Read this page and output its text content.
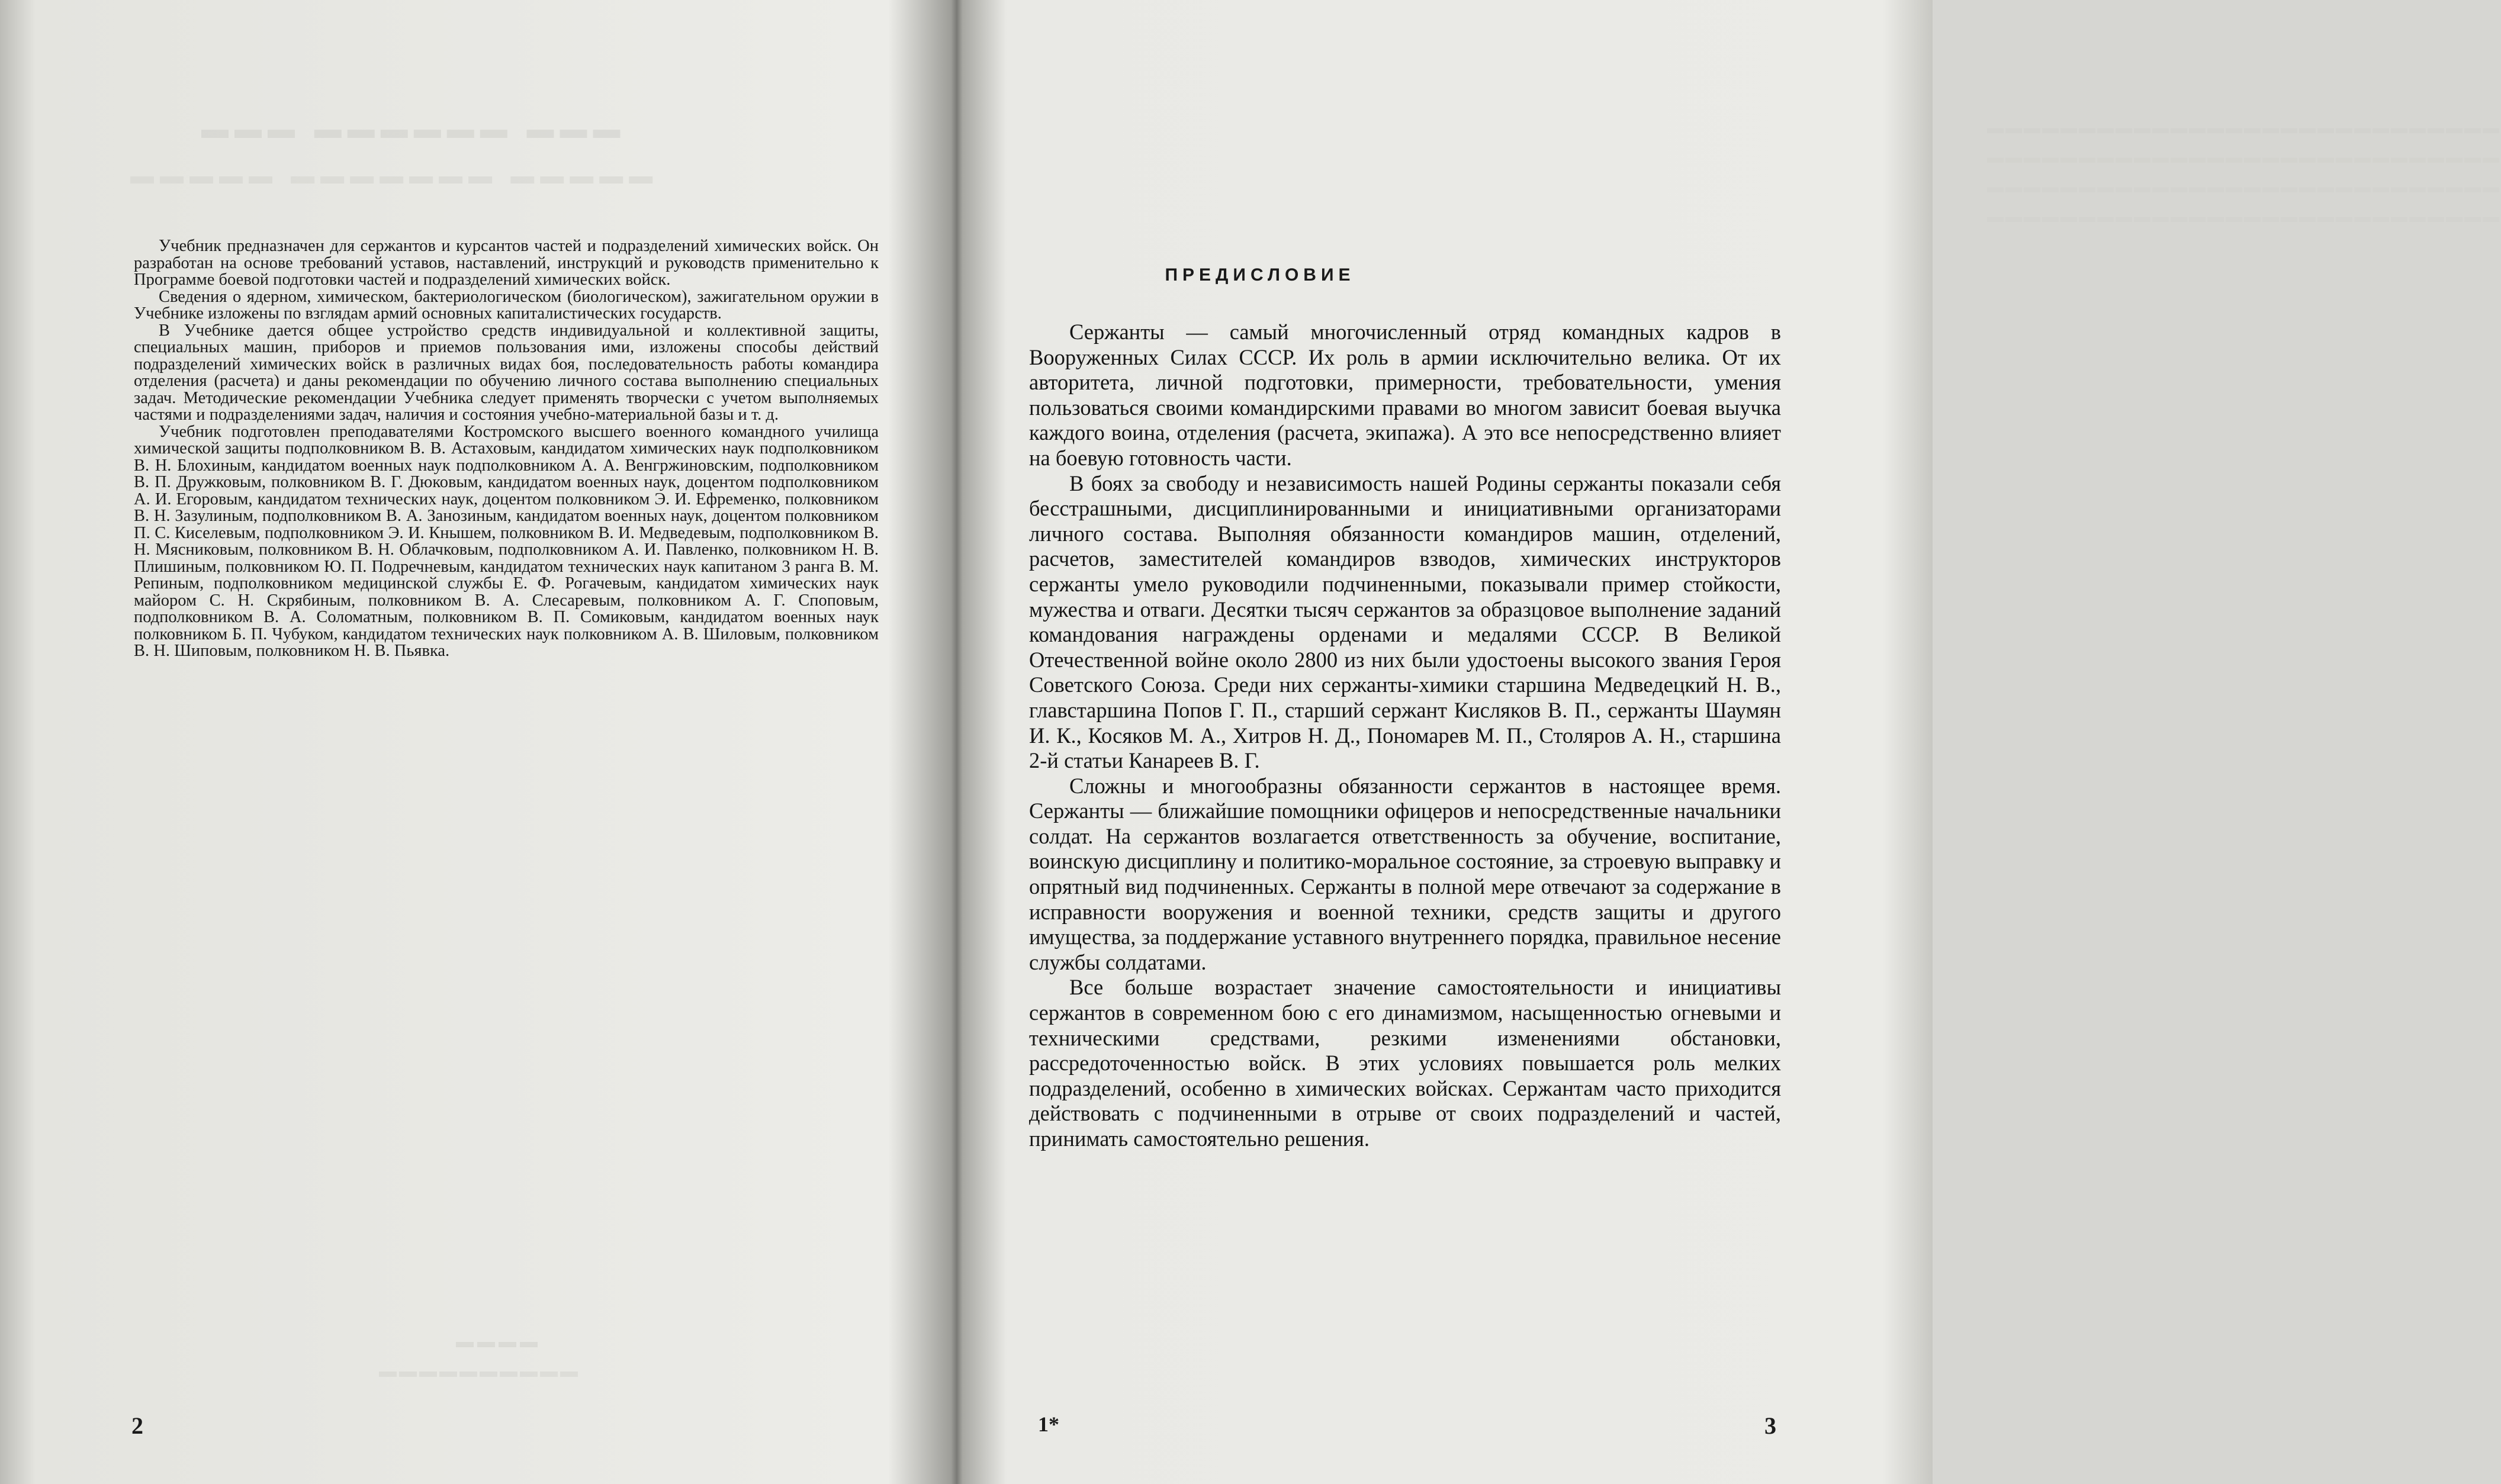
▬▬▬ ▬▬▬▬▬▬ ▬▬▬
▬▬▬▬▬ ▬▬▬▬▬▬▬ ▬▬▬▬▬

Учебник предназначен для сержантов и курсантов частей и подразделений химических войск. Он разработан на основе требований уставов, наставлений, инструкций и руководств применительно к Программе боевой подготовки частей и подразделений химических войск.

Сведения о ядерном, химическом, бактериологическом (биологическом), зажигательном оружии в Учебнике изложены по взглядам армий основных капиталистических государств.

В Учебнике дается общее устройство средств индивидуальной и коллективной защиты, специальных машин, приборов и приемов пользования ими, изложены способы действий подразделений химических войск в различных видах боя, последовательность работы командира отделения (расчета) и даны рекомендации по обучению личного состава выполнению специальных задач. Методические рекомендации Учебника следует применять творчески с учетом выполняемых частями и подразделениями задач, наличия и состояния учебно-материальной базы и т. д.

Учебник подготовлен преподавателями Костромского высшего военного командного училища химической защиты подполковником В. В. Астаховым, кандидатом химических наук подполковником В. Н. Блохиным, кандидатом военных наук подполковником А. А. Венгржиновским, подполковником В. П. Дружковым, полковником В. Г. Дюковым, кандидатом военных наук, доцентом подполковником А. И. Егоровым, кандидатом технических наук, доцентом полковником Э. И. Ефременко, полковником В. Н. Зазулиным, подполковником В. А. Занозиным, кандидатом военных наук, доцентом полковником П. С. Киселевым, подполковником Э. И. Кнышем, полковником В. И. Медведевым, подполковником В. Н. Мясниковым, полковником В. Н. Облачковым, подполковником А. И. Павленко, полковником Н. В. Плишиным, полковником Ю. П. Подречневым, кандидатом технических наук капитаном 3 ранга В. М. Репиным, подполковником медицинской службы Е. Ф. Рогачевым, кандидатом химических наук майором С. Н. Скрябиным, полковником В. А. Слесаревым, полковником А. Г. Споповым, подполковником В. А. Соломатным, полковником В. П. Сомиковым, кандидатом военных наук полковником Б. П. Чубуком, кандидатом технических наук полковником А. В. Шиловым, полковником В. Н. Шиповым, полковником Н. В. Пьявка.

▬▬▬▬
▬▬▬▬▬▬▬▬▬▬
2
▬▬▬▬▬▬▬▬▬▬▬▬▬▬▬▬▬▬▬▬▬▬▬▬▬▬▬▬
▬▬▬▬▬▬▬▬▬▬▬▬▬▬▬▬▬▬▬▬▬▬▬▬▬▬▬▬
▬▬▬▬▬▬▬▬▬▬▬▬▬▬▬▬▬▬▬▬▬▬▬▬▬▬▬▬
▬▬▬▬▬▬▬▬▬▬▬▬▬▬▬▬▬▬▬▬▬▬▬▬▬▬▬▬
ПРЕДИСЛОВИЕ

Сержанты — самый многочисленный отряд командных кадров в Вооруженных Силах СССР. Их роль в армии исключительно велика. От их авторитета, личной подготовки, примерности, требовательности, умения пользоваться своими командирскими правами во многом зависит боевая выучка каждого воина, отделения (расчета, экипажа). А это все непосредственно влияет на боевую готовность части.

В боях за свободу и независимость нашей Родины сержанты показали себя бесстрашными, дисциплинированными и инициативными организаторами личного состава. Выполняя обязанности командиров машин, отделений, расчетов, заместителей командиров взводов, химических инструкторов сержанты умело руководили подчиненными, показывали пример стойкости, мужества и отваги. Десятки тысяч сержантов за образцовое выполнение заданий командования награждены орденами и медалями СССР. В Великой Отечественной войне около 2800 из них были удостоены высокого звания Героя Советского Союза. Среди них сержанты-химики старшина Медведецкий Н. В., главстаршина Попов Г. П., старший сержант Кисляков В. П., сержанты Шаумян И. К., Косяков М. А., Хитров Н. Д., Пономарев М. П., Столяров А. Н., старшина 2-й статьи Канареев В. Г.

Сложны и многообразны обязанности сержантов в настоящее время. Сержанты — ближайшие помощники офицеров и непосредственные начальники солдат. На сержантов возлагается ответственность за обучение, воспитание, воинскую дисциплину и политико-моральное состояние, за строевую выправку и опрятный вид подчиненных. Сержанты в полной мере отвечают за содержание в исправности вооружения и военной техники, средств защиты и другого имущества, за поддержание уставного внутреннего порядка, правильное несение службы солдатами.

Все больше возрастает значение самостоятельности и инициативы сержантов в современном бою с его динамизмом, насыщенностью огневыми и техническими средствами, резкими изменениями обстановки, рассредоточенностью войск. В этих условиях повышается роль мелких подразделений, особенно в химических войсках. Сержантам часто приходится действовать с подчиненными в отрыве от своих подразделений и частей, принимать самостоятельно решения.

1*	3
